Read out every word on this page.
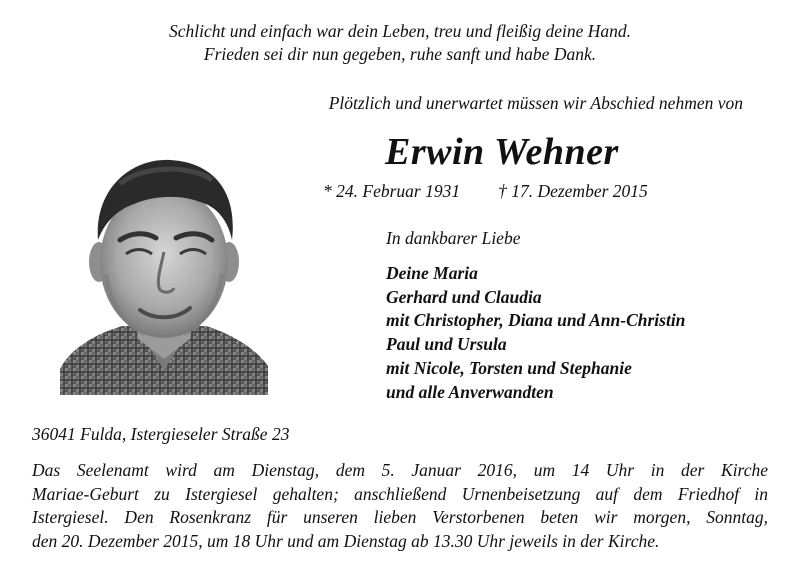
Schlicht und einfach war dein Leben, treu und fleißig deine Hand.
Frieden sei dir nun gegeben, ruhe sanft und habe Dank.
Plötzlich und unerwartet müssen wir Abschied nehmen von
Erwin Wehner
* 24. Februar 1931 † 17. Dezember 2015
In dankbarer Liebe
Deine Maria
Gerhard und Claudia
mit Christopher, Diana und Ann-Christin
Paul und Ursula
mit Nicole, Torsten und Stephanie
und alle Anverwandten
36041 Fulda, Istergieseler Straße 23
Das Seelenamt wird am Dienstag, dem 5. Januar 2016, um 14 Uhr in der Kirche
Mariae-Geburt zu Istergiesel gehalten; anschließend Urnenbeisetzung auf dem Friedhof in
Istergiesel. Den Rosenkranz für unseren lieben Verstorbenen beten wir morgen, Sonntag,
den 20. Dezember 2015, um 18 Uhr und am Dienstag ab 13.30 Uhr jeweils in der Kirche.
